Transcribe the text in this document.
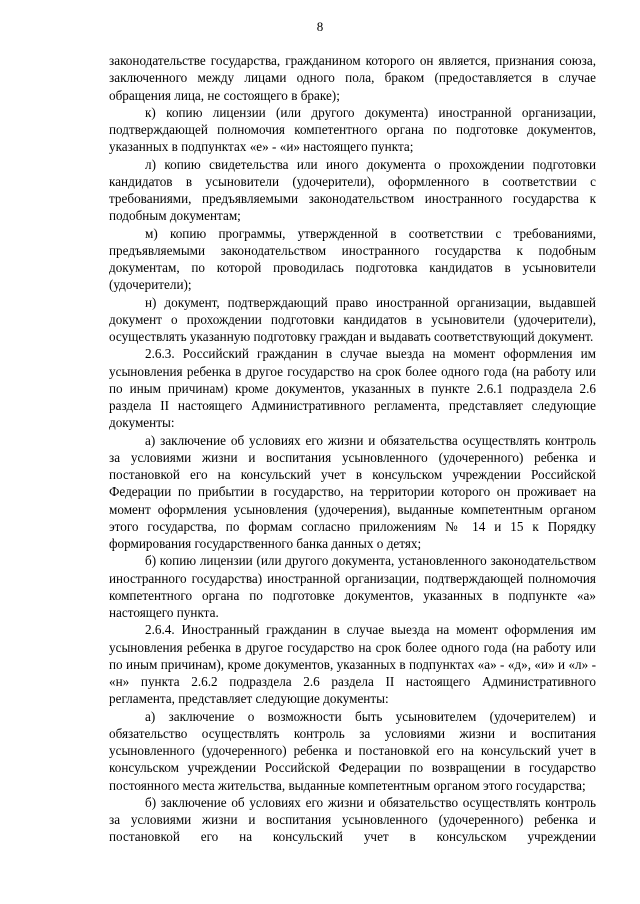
8

законодательстве государства, гражданином которого он является, признания союза, заключенного между лицами одного пола, браком (предоставляется в случае обращения лица, не состоящего в браке);

к) копию лицензии (или другого документа) иностранной организации, подтверждающей полномочия компетентного органа по подготовке документов, указанных в подпунктах «е» - «и» настоящего пункта;

л) копию свидетельства или иного документа о прохождении подготовки кандидатов в усыновители (удочерители), оформленного в соответствии с требованиями, предъявляемыми законодательством иностранного государства к подобным документам;

м) копию программы, утвержденной в соответствии с требованиями, предъявляемыми законодательством иностранного государства к подобным документам, по которой проводилась подготовка кандидатов в усыновители (удочерители);

н) документ, подтверждающий право иностранной организации, выдавшей документ о прохождении подготовки кандидатов в усыновители (удочерители), осуществлять указанную подготовку граждан и выдавать соответствующий документ.

2.6.3. Российский гражданин в случае выезда на момент оформления им усыновления ребенка в другое государство на срок более одного года (на работу или по иным причинам) кроме документов, указанных в пункте 2.6.1 подраздела 2.6 раздела II настоящего Административного регламента, представляет следующие документы:

а) заключение об условиях его жизни и обязательства осуществлять контроль за условиями жизни и воспитания усыновленного (удочеренного) ребенка и постановкой его на консульский учет в консульском учреждении Российской Федерации по прибытии в государство, на территории которого он проживает на момент оформления усыновления (удочерения), выданные компетентным органом этого государства, по формам согласно приложениям № 14 и 15 к Порядку формирования государственного банка данных о детях;

б) копию лицензии (или другого документа, установленного законодательством иностранного государства) иностранной организации, подтверждающей полномочия компетентного органа по подготовке документов, указанных в подпункте «а» настоящего пункта.

2.6.4. Иностранный гражданин в случае выезда на момент оформления им усыновления ребенка в другое государство на срок более одного года (на работу или по иным причинам), кроме документов, указанных в подпунктах «а» - «д», «и» и «л» - «н» пункта 2.6.2 подраздела 2.6 раздела II настоящего Административного регламента, представляет следующие документы:

а) заключение о возможности быть усыновителем (удочерителем) и обязательство осуществлять контроль за условиями жизни и воспитания усыновленного (удочеренного) ребенка и постановкой его на консульский учет в консульском учреждении Российской Федерации по возвращении в государство постоянного места жительства, выданные компетентным органом этого государства;

б) заключение об условиях его жизни и обязательство осуществлять контроль за условиями жизни и воспитания усыновленного (удочеренного) ребенка и постановкой его на консульский учет в консульском учреждении
